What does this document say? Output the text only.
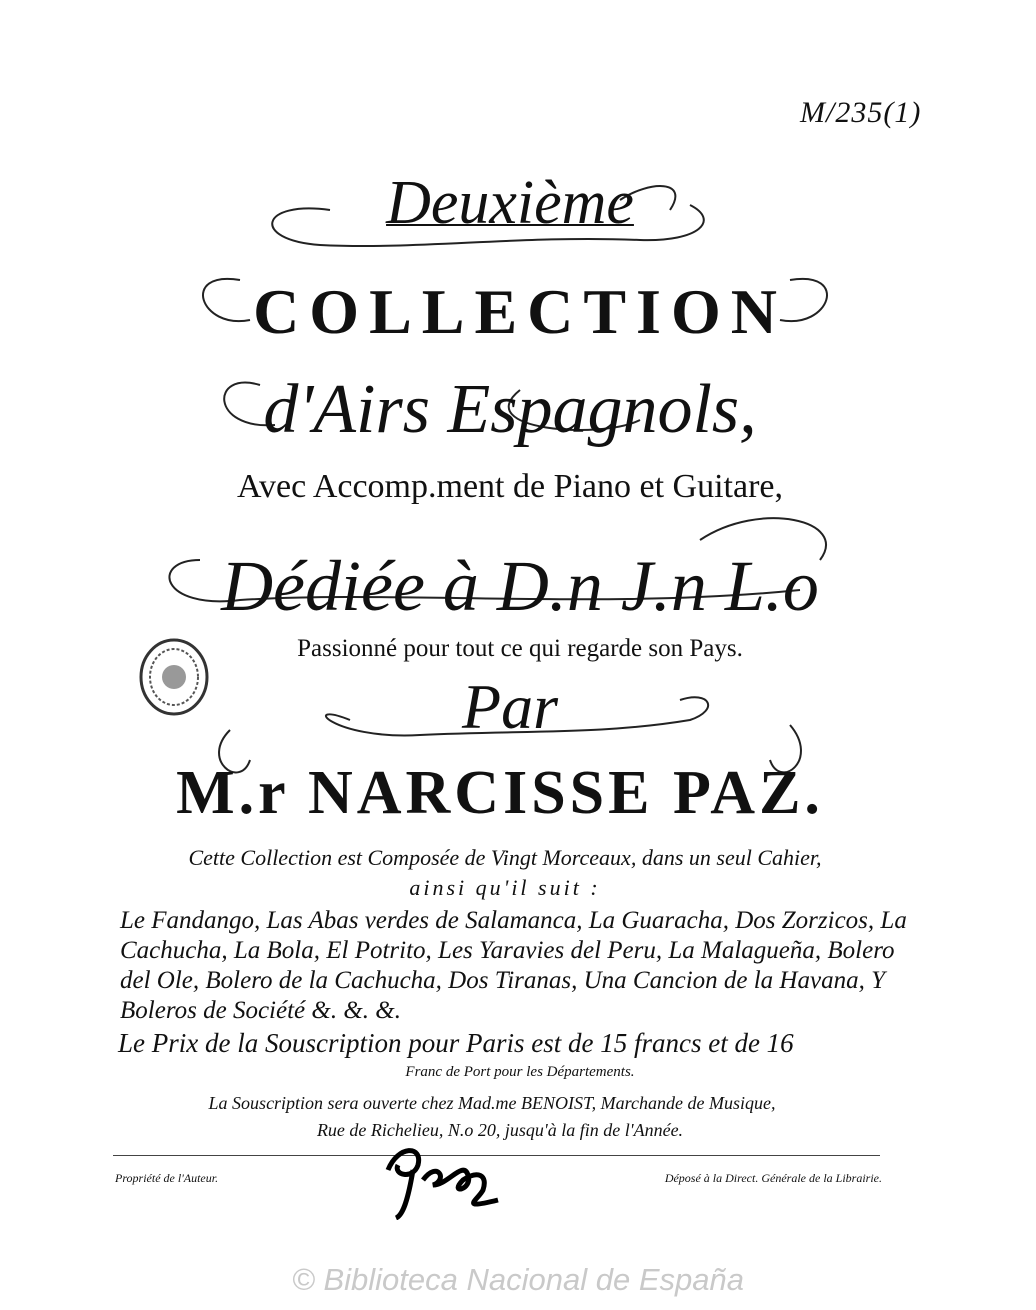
M/235(1)
Deuxième
COLLECTION
d'Airs Espagnols,
Avec Accomp.ment de Piano et Guitare,
Dédiée à D.n J.n L.o
Passionné pour tout ce qui regarde son Pays.
Par
M.r NARCISSE PAZ.
Cette Collection est Composée de Vingt Morceaux, dans un seul Cahier,
ainsi qu'il suit :
Le Fandango, Las Abas verdes de Salamanca, La Guaracha, Dos Zorzicos, La Cachucha, La Bola, El Potrito, Les Yaravies del Peru, La Malagueña, Bolero del Ole, Bolero de la Cachucha, Dos Tiranas, Una Cancion de la Havana, Y Boleros de Société &. &. &.
Le Prix de la Souscription pour Paris est de 15 francs et de 16
Franc de Port pour les Départements.
La Souscription sera ouverte chez Mad.me BENOIST, Marchande de Musique,
Rue de Richelieu, N.o 20, jusqu'à la fin de l'Année.
Propriété de l'Auteur.	Déposé à la Direct. Générale de la Librairie.
© Biblioteca Nacional de España
